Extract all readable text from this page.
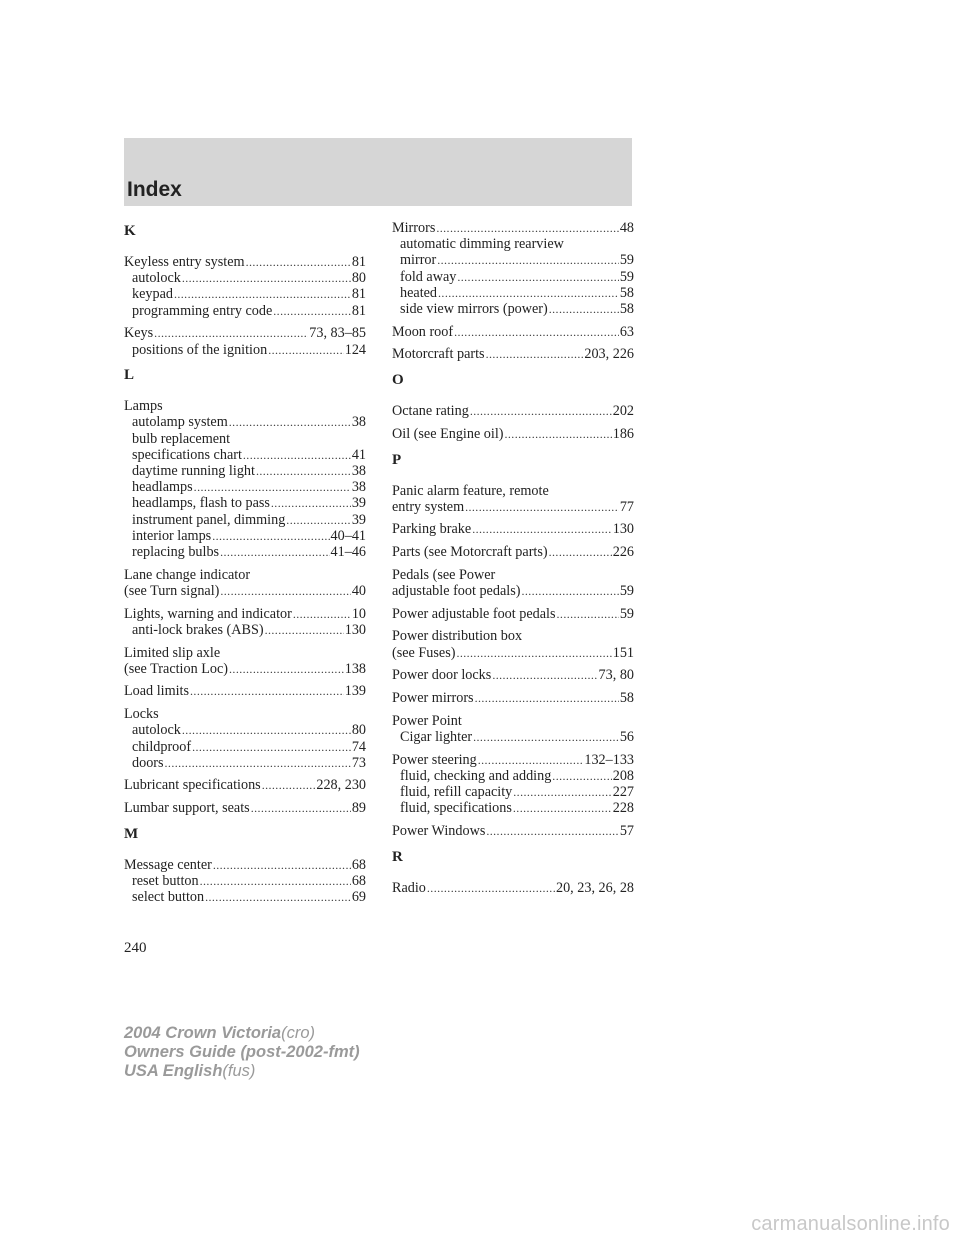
Index
K
Keyless entry system .....	81
autolock .....	80
keypad .....	81
programming entry code .....	81
Keys .....	73, 83–85
positions of the ignition .....	124
L
Lamps
autolamp system .....	38
bulb replacement
specifications chart .....	41
daytime running light .....	38
headlamps .....	38
headlamps, flash to pass .....	39
instrument panel, dimming .....	39
interior lamps .....	40–41
replacing bulbs .....	41–46
Lane change indicator
(see Turn signal) .....	40
Lights, warning and indicator .....	10
anti-lock brakes (ABS) .....	130
Limited slip axle
(see Traction Loc) .....	138
Load limits .....	139
Locks
autolock .....	80
childproof .....	74
doors .....	73
Lubricant specifications .....	228, 230
Lumbar support, seats .....	89
M
Message center .....	68
reset button .....	68
select button .....	69
Mirrors .....	48
automatic dimming rearview
mirror .....	59
fold away .....	59
heated .....	58
side view mirrors (power) .....	58
Moon roof .....	63
Motorcraft parts .....	203, 226
O
Octane rating .....	202
Oil (see Engine oil) .....	186
P
Panic alarm feature, remote
entry system .....	77
Parking brake .....	130
Parts (see Motorcraft parts) .....	226
Pedals (see Power
adjustable foot pedals) .....	59
Power adjustable foot pedals .....	59
Power distribution box
(see Fuses) .....	151
Power door locks .....	73, 80
Power mirrors .....	58
Power Point
Cigar lighter .....	56
Power steering .....	132–133
fluid, checking and adding .....	208
fluid, refill capacity .....	227
fluid, specifications .....	228
Power Windows .....	57
R
Radio .....	20, 23, 26, 28
240
2004 Crown Victoria(cro)
Owners Guide (post-2002-fmt)
USA English(fus)
carmanualsonline.info
